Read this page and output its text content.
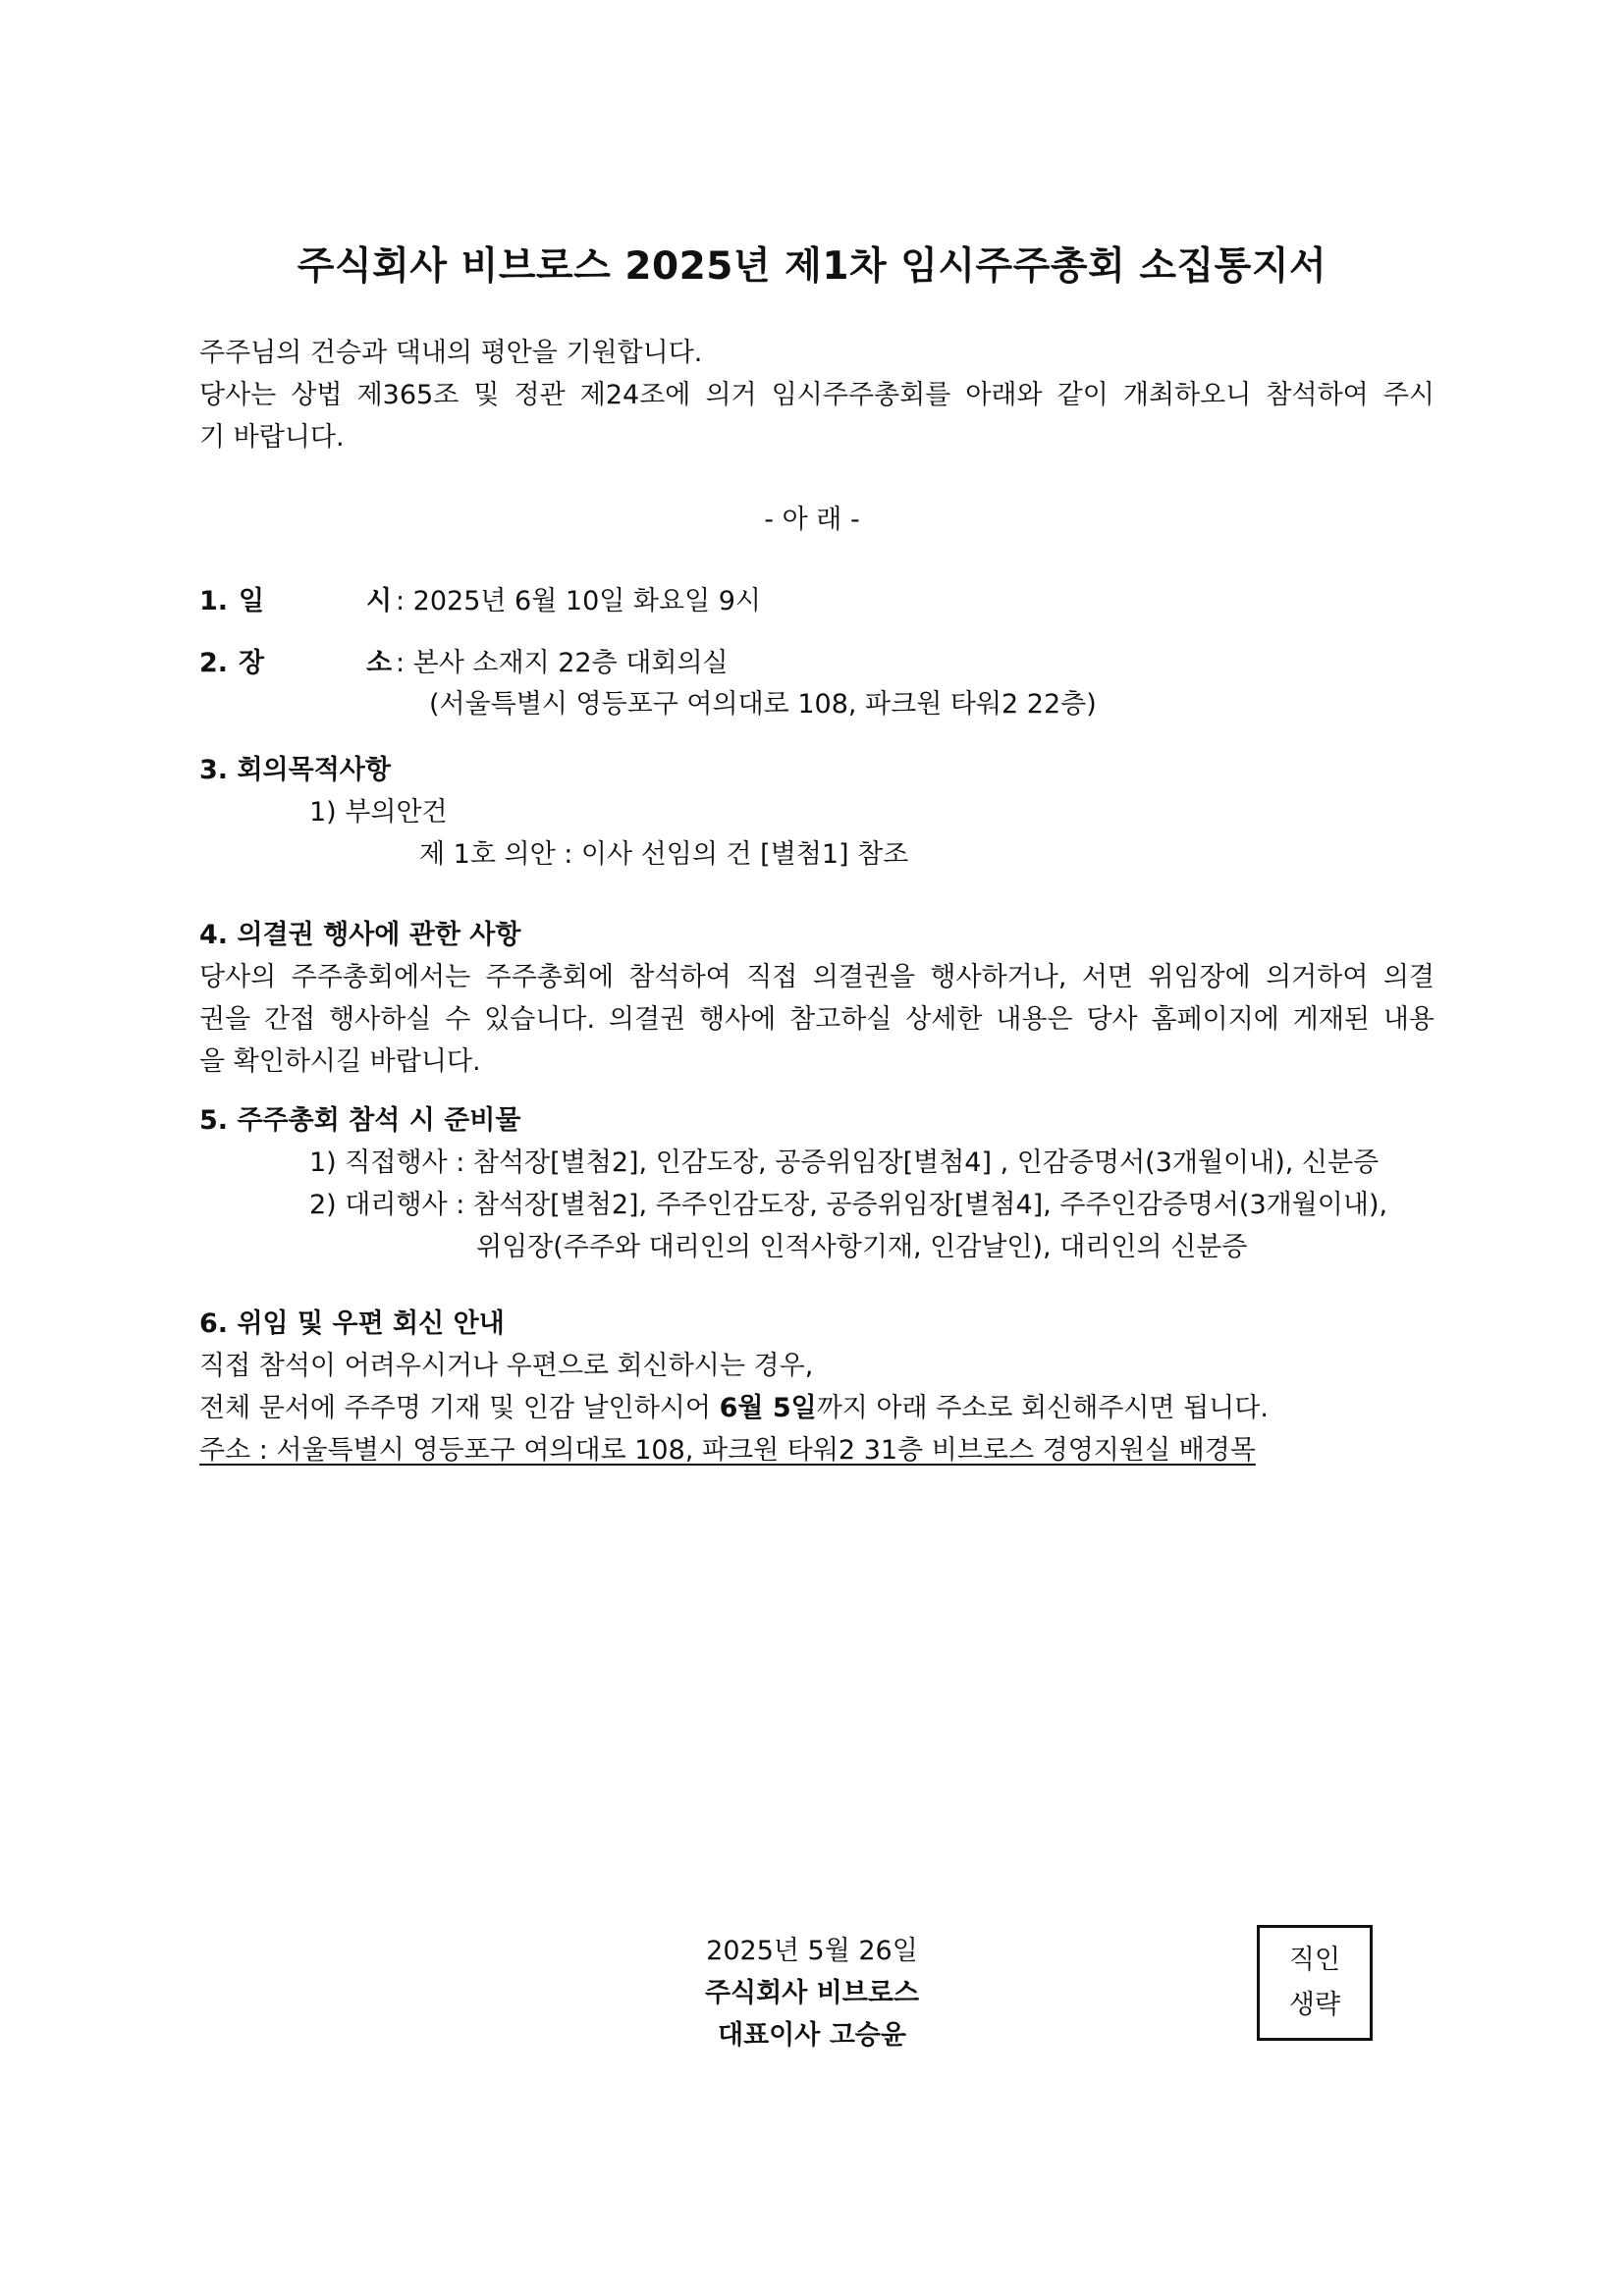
주식회사 비브로스 2025년 제1차 임시주주총회 소집통지서
주주님의 건승과 댁내의 평안을 기원합니다.
당사는 상법 제365조 및 정관 제24조에 의거 임시주주총회를 아래와 같이 개최하오니 참석하여 주시
기 바랍니다.
- 아 래 -
1. 일	시 : 2025년 6월 10일 화요일 9시
2. 장	소 : 본사 소재지 22층 대회의실
(서울특별시 영등포구 여의대로 108, 파크원 타워2 22층)
3. 회의목적사항
1) 부의안건
제 1호 의안 : 이사 선임의 건 [별첨1] 참조
4. 의결권 행사에 관한 사항
당사의 주주총회에서는 주주총회에 참석하여 직접 의결권을 행사하거나, 서면 위임장에 의거하여 의결
권을 간접 행사하실 수 있습니다. 의결권 행사에 참고하실 상세한 내용은 당사 홈페이지에 게재된 내용
을 확인하시길 바랍니다.
5. 주주총회 참석 시 준비물
1) 직접행사 : 참석장[별첨2], 인감도장, 공증위임장[별첨4] , 인감증명서(3개월이내), 신분증
2) 대리행사 : 참석장[별첨2], 주주인감도장, 공증위임장[별첨4], 주주인감증명서(3개월이내),
위임장(주주와 대리인의 인적사항기재, 인감날인), 대리인의 신분증
6. 위임 및 우편 회신 안내
직접 참석이 어려우시거나 우편으로 회신하시는 경우,
전체 문서에 주주명 기재 및 인감 날인하시어 6월 5일까지 아래 주소로 회신해주시면 됩니다.
주소 : 서울특별시 영등포구 여의대로 108, 파크원 타워2 31층 비브로스 경영지원실 배경목
2025년 5월 26일
주식회사 비브로스
대표이사 고승윤
직인
생략
